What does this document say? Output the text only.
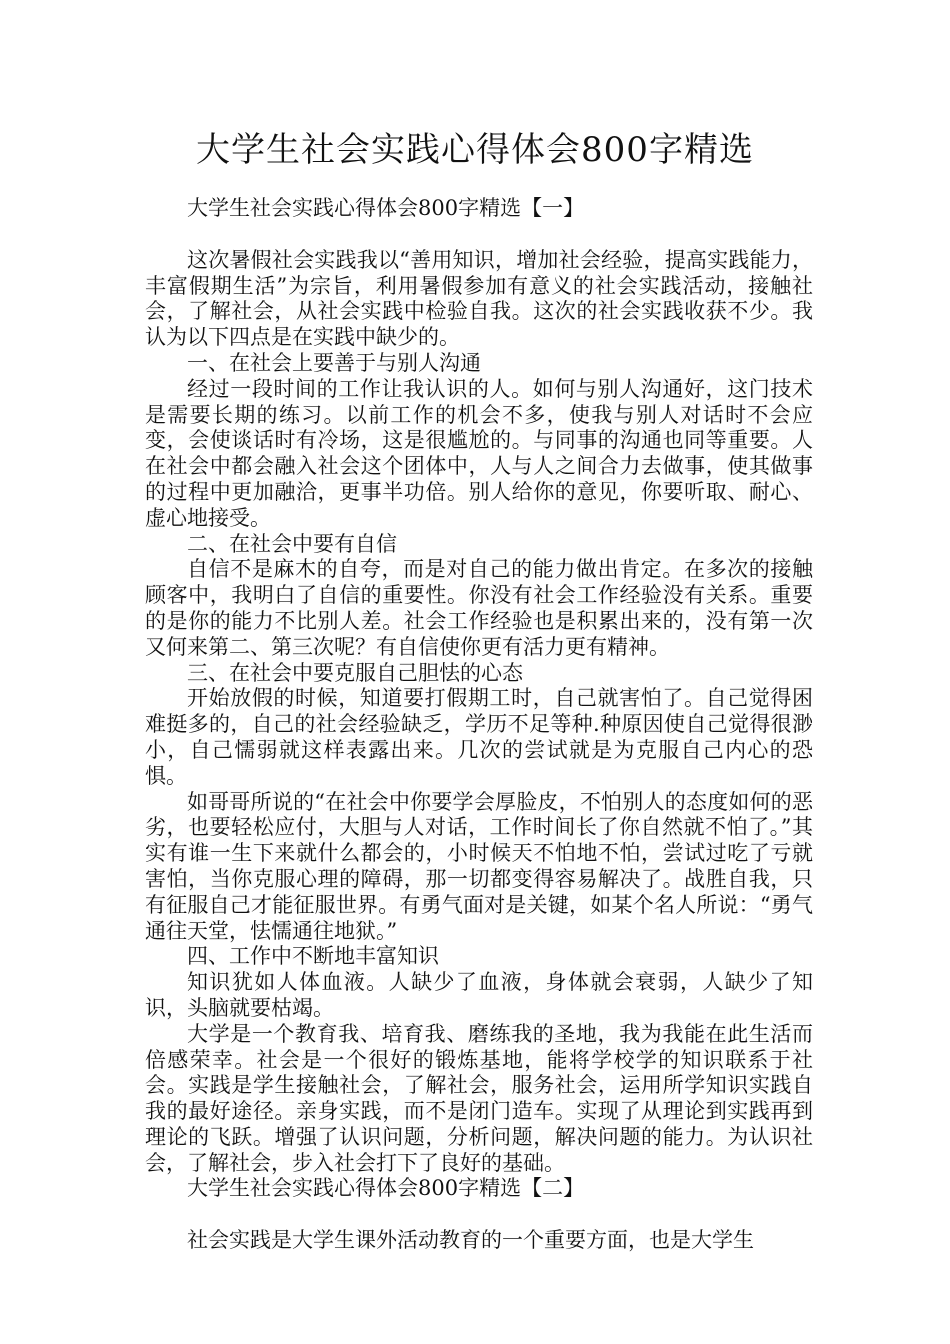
大学生社会实践心得体会800字精选

大学生社会实践心得体会800字精选【一】

这次暑假社会实践我以“善用知识，增加社会经验，提高实践能力，丰富假期生活”为宗旨，利用暑假参加有意义的社会实践活动，接触社会，了解社会，从社会实践中检验自我。这次的社会实践收获不少。我认为以下四点是在实践中缺少的。

一、在社会上要善于与别人沟通

经过一段时间的工作让我认识的人。如何与别人沟通好，这门技术是需要长期的练习。以前工作的机会不多，使我与别人对话时不会应变，会使谈话时有冷场，这是很尴尬的。与同事的沟通也同等重要。人在社会中都会融入社会这个团体中，人与人之间合力去做事，使其做事的过程中更加融洽，更事半功倍。别人给你的意见，你要听取、耐心、虚心地接受。

二、在社会中要有自信

自信不是麻木的自夸，而是对自己的能力做出肯定。在多次的接触顾客中，我明白了自信的重要性。你没有社会工作经验没有关系。重要的是你的能力不比别人差。社会工作经验也是积累出来的，没有第一次又何来第二、第三次呢？有自信使你更有活力更有精神。

三、在社会中要克服自己胆怯的心态

开始放假的时候，知道要打假期工时，自己就害怕了。自己觉得困难挺多的，自己的社会经验缺乏，学历不足等种.种原因使自己觉得很渺小，自己懦弱就这样表露出来。几次的尝试就是为克服自己内心的恐惧。

如哥哥所说的“在社会中你要学会厚脸皮，不怕别人的态度如何的恶劣，也要轻松应付，大胆与人对话，工作时间长了你自然就不怕了。”其实有谁一生下来就什么都会的，小时候天不怕地不怕，尝试过吃了亏就害怕，当你克服心理的障碍，那一切都变得容易解决了。战胜自我，只有征服自己才能征服世界。有勇气面对是关键，如某个名人所说：“勇气通往天堂，怯懦通往地狱。”

四、工作中不断地丰富知识

知识犹如人体血液。人缺少了血液，身体就会衰弱，人缺少了知识，头脑就要枯竭。

大学是一个教育我、培育我、磨练我的圣地，我为我能在此生活而倍感荣幸。社会是一个很好的锻炼基地，能将学校学的知识联系于社会。实践是学生接触社会，了解社会，服务社会，运用所学知识实践自我的最好途径。亲身实践，而不是闭门造车。实现了从理论到实践再到理论的飞跃。增强了认识问题，分析问题，解决问题的能力。为认识社会，了解社会，步入社会打下了良好的基础。

大学生社会实践心得体会800字精选【二】

社会实践是大学生课外活动教育的一个重要方面，也是大学生
